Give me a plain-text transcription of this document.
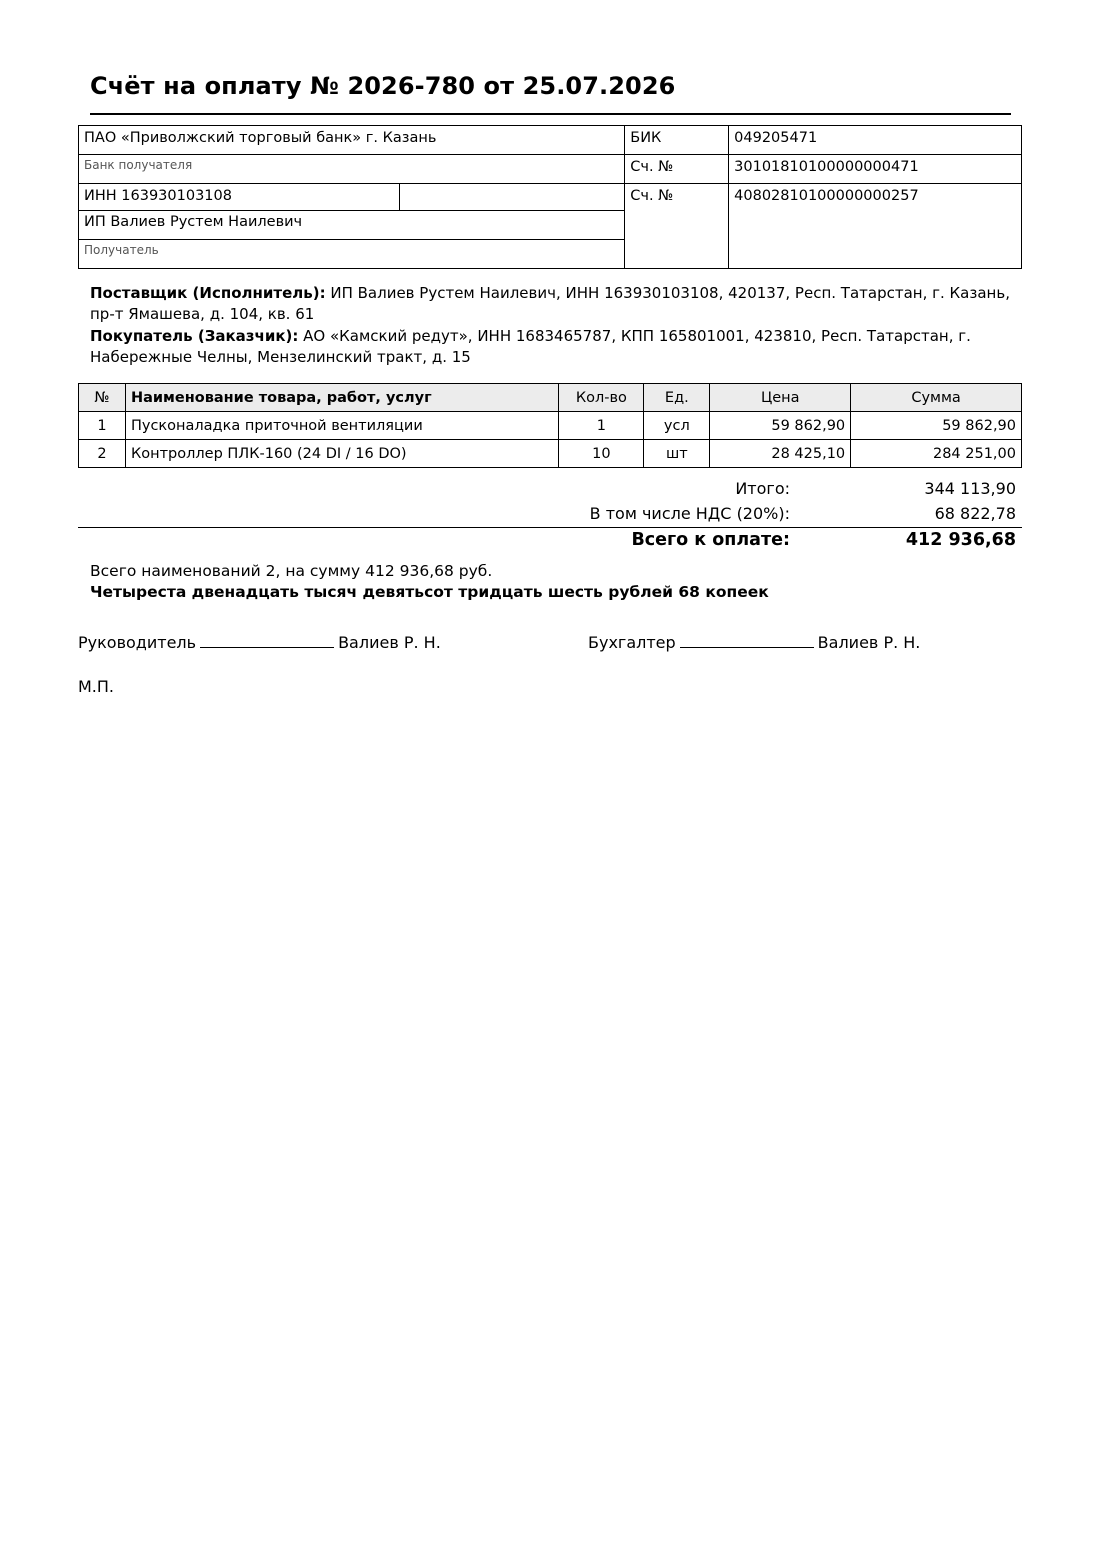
Счёт на оплату № 2026-780 от 25.07.2026
ПАО «Приволжский торговый банк» г. Казань		БИК	049205471
Банк получателя		Сч. №	30101810100000000471
ИНН 163930103108		Сч. №	40802810100000000257
ИП Валиев Рустем Наилевич			
Получатель			

Поставщик (Исполнитель): ИП Валиев Рустем Наилевич, ИНН 163930103108, 420137, Респ. Татарстан, г. Казань, пр-т Ямашева, д. 104, кв. 61

Покупатель (Заказчик): АО «Камский редут», ИНН 1683465787, КПП 165801001, 423810, Респ. Татарстан, г. Набережные Челны, Мензелинский тракт, д. 15

№	Наименование товара, работ, услуг	Кол-во	Ед.	Цена	Сумма
1	Пусконаладка приточной вентиляции	1	усл	59 862,90	59 862,90
2	Контроллер ПЛК-160 (24 DI / 16 DO)	10	шт	28 425,10	284 251,00
Итого:	344 113,90
В том числе НДС (20%):	68 822,78
Всего к оплате:	412 936,68
Всего наименований 2, на сумму 412 936,68 руб.
Четыреста двенадцать тысяч девятьсот тридцать шесть рублей 68 копеек
Руководитель	Валиев Р. Н.	Бухгалтер	Валиев Р. Н.
М.П.
